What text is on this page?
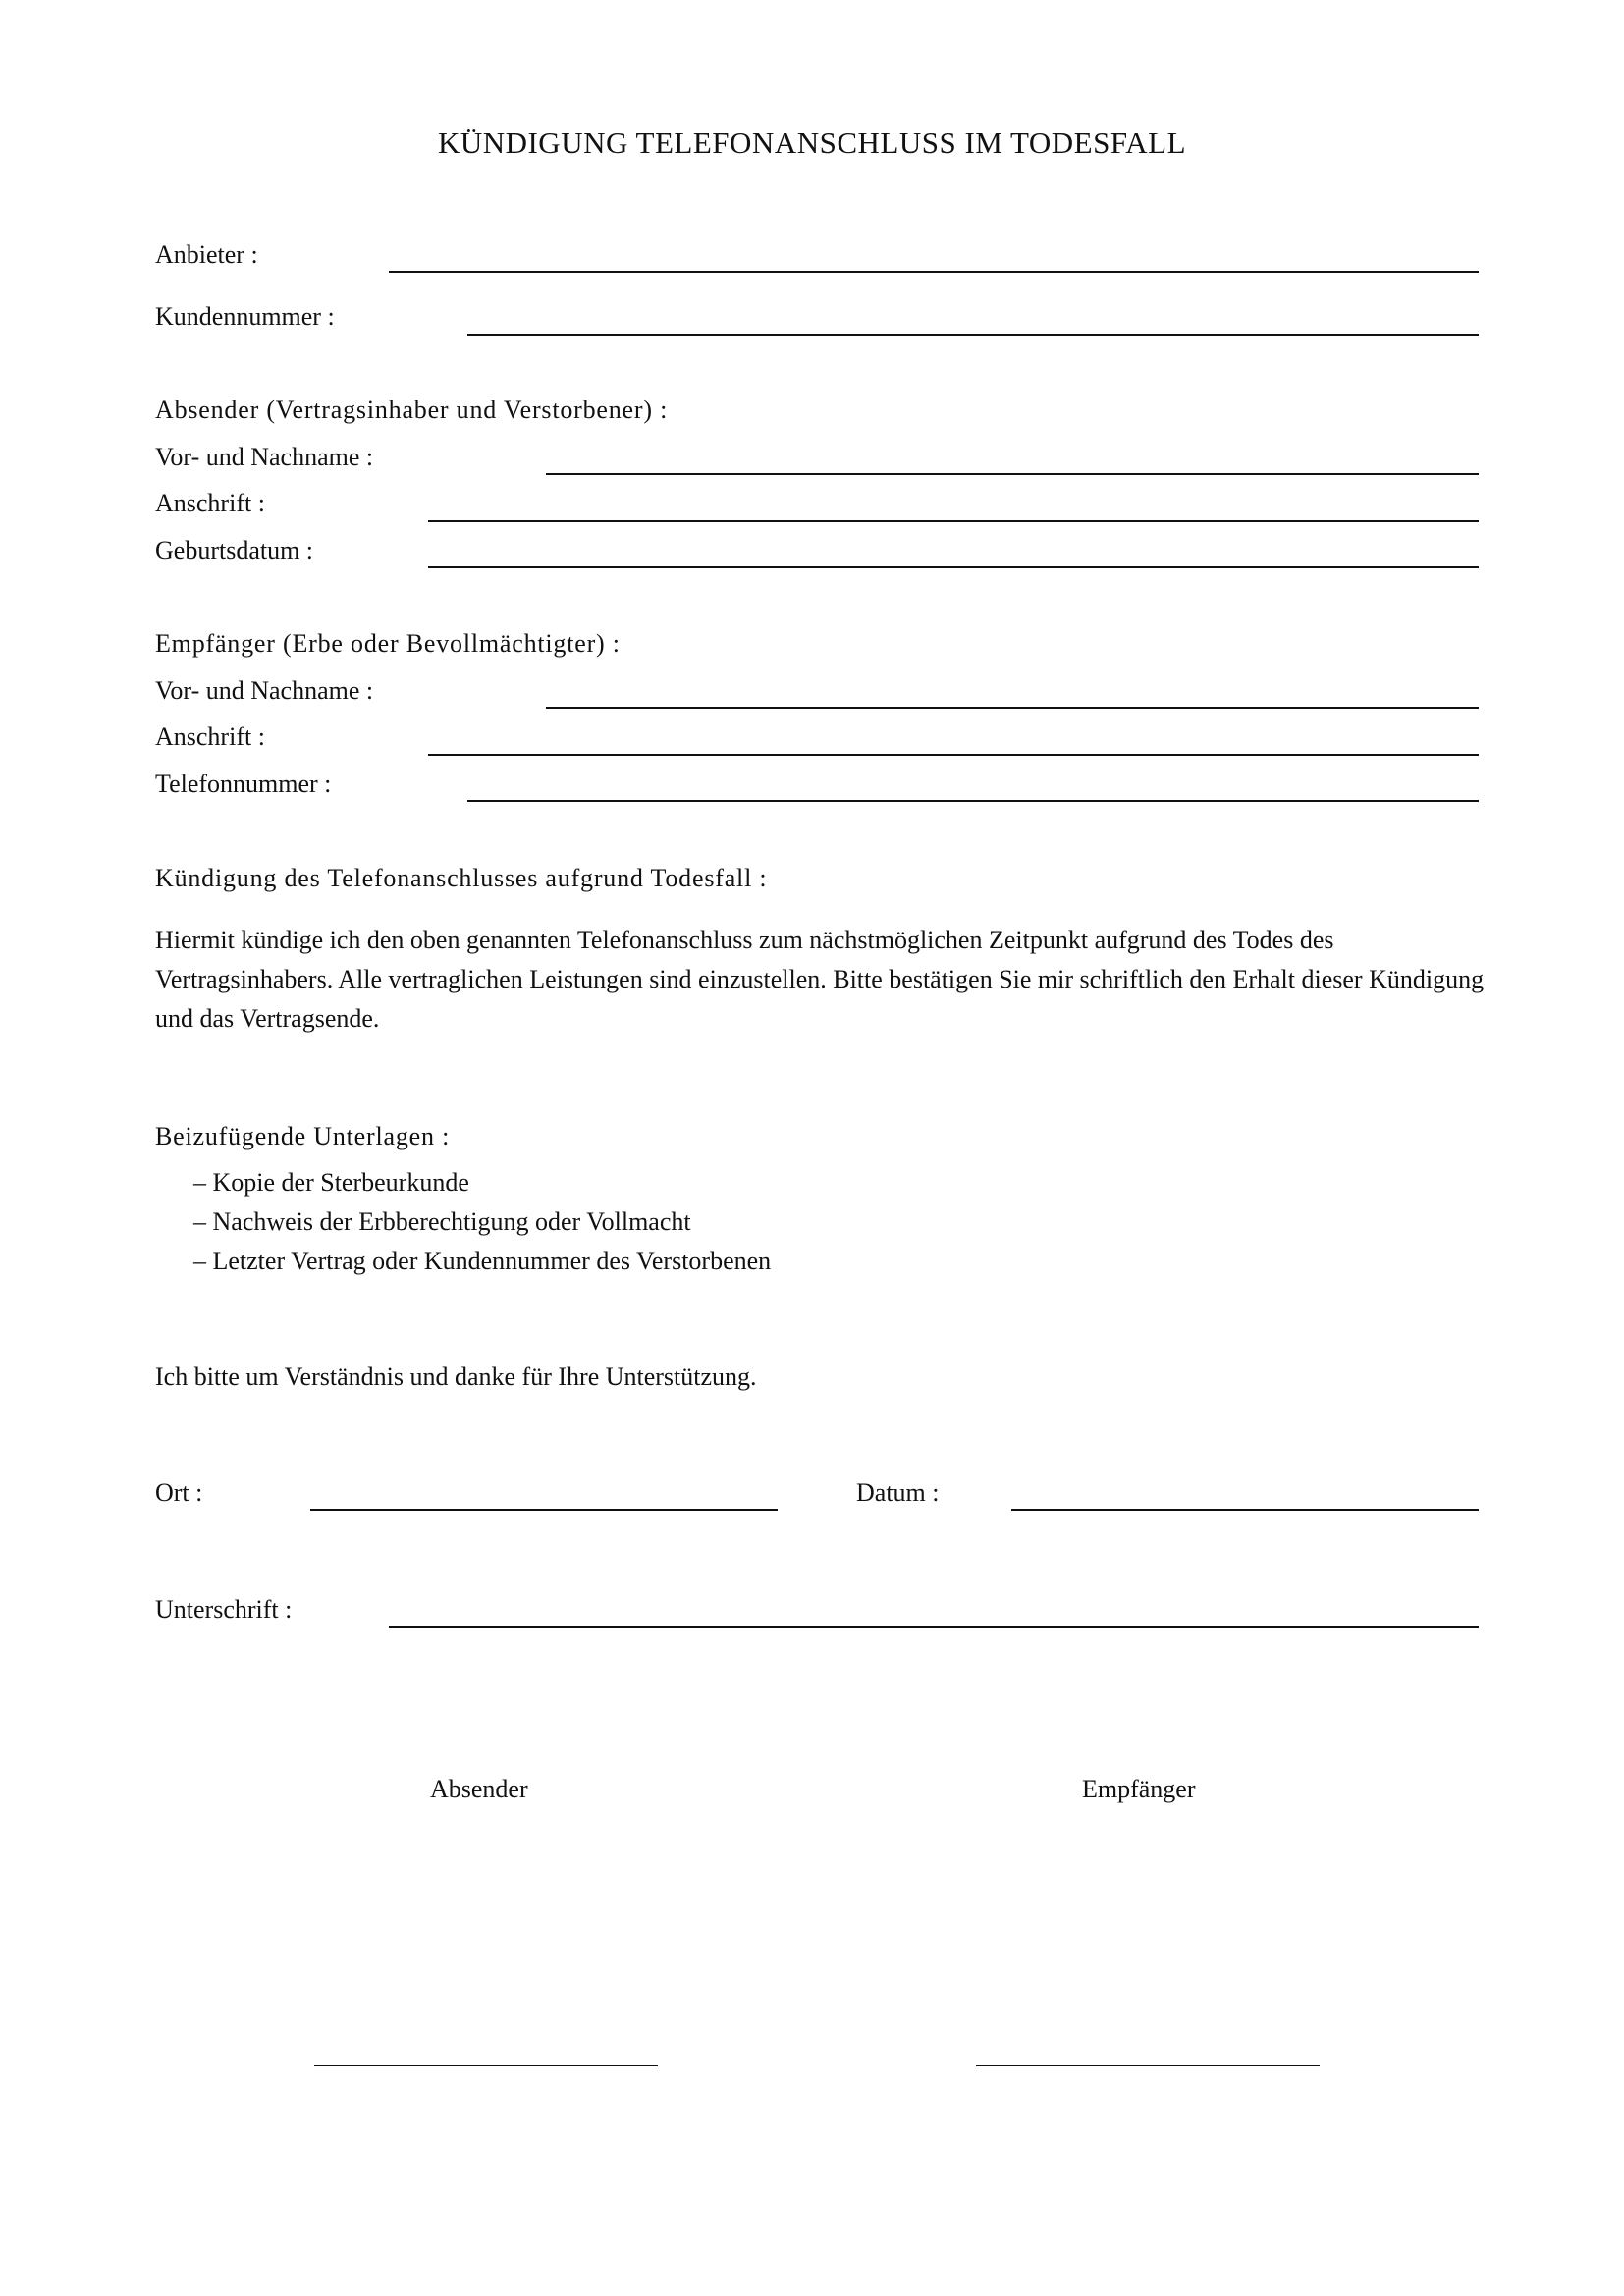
KÜNDIGUNG TELEFONANSCHLUSS IM TODESFALL
Anbieter :
Kundennummer :
Absender (Vertragsinhaber und Verstorbener) :
Vor- und Nachname :
Anschrift :
Geburtsdatum :
Empfänger (Erbe oder Bevollmächtigter) :
Vor- und Nachname :
Anschrift :
Telefonnummer :
Kündigung des Telefonanschlusses aufgrund Todesfall :
Hiermit kündige ich den oben genannten Telefonanschluss zum nächstmöglichen Zeitpunkt aufgrund des Todes des Vertragsinhabers. Alle vertraglichen Leistungen sind einzustellen. Bitte bestätigen Sie mir schriftlich den Erhalt dieser Kündigung und das Vertragsende.
Beizufügende Unterlagen :
– Kopie der Sterbeurkunde
– Nachweis der Erbberechtigung oder Vollmacht
– Letzter Vertrag oder Kundennummer des Verstorbenen
Ich bitte um Verständnis und danke für Ihre Unterstützung.
Ort :	Datum :
Unterschrift :
Absender	Empfänger
